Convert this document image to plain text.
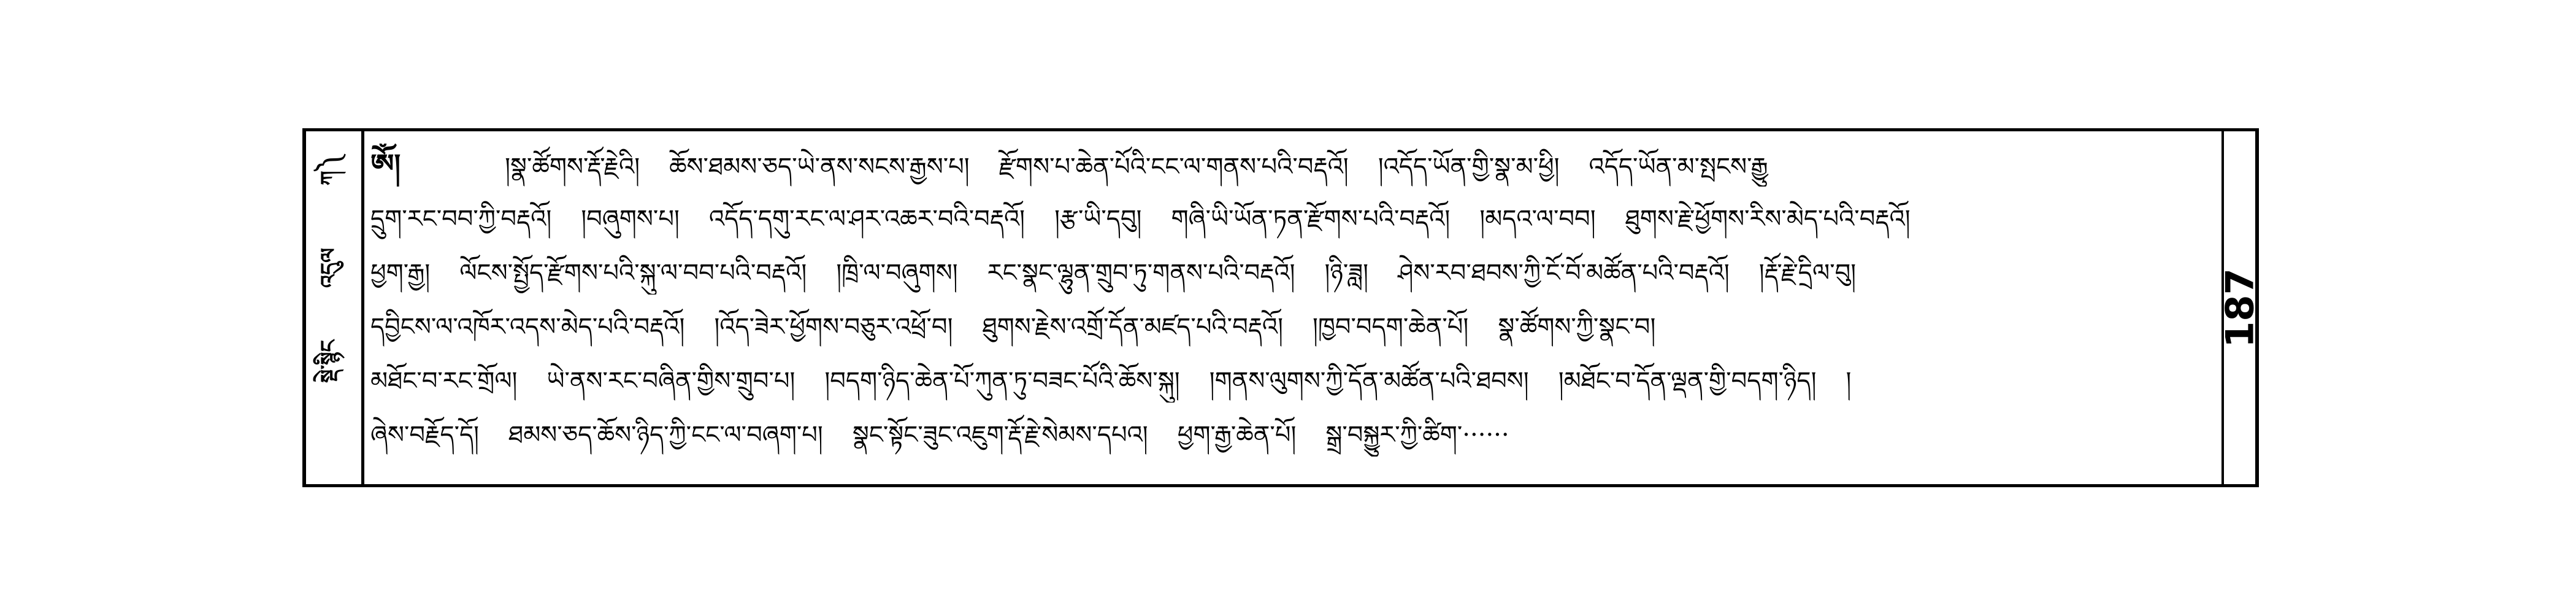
ཀ༽
འདུལ
སྡེ་སྙིང
ༀ།	།སྣ་ཚོགས་རྡོ་རྗེའི། ཆོས་ཐམས་ཅད་ཡེ་ནས་སངས་རྒྱས་པ། རྫོགས་པ་ཆེན་པོའི་ངང་ལ་གནས་པའི་བརྡའོ། །འདོད་ཡོན་གྱི་སྣ་མ་ཕྱི། འདོད་ཡོན་མ་སྤངས་རྒྱུ
དྲུག་རང་བབ་ཀྱི་བརྡའོ། །བཞུགས་པ། འདོད་དགུ་རང་ལ་ཤར་འཆར་བའི་བརྡའོ། །རྩ་ཡི་དབུ། གཞི་ཡི་ཡོན་ཏན་རྫོགས་པའི་བརྡའོ། །མདའ་ལ་བབ། ཐུགས་རྗེ་ཕྱོགས་རིས་མེད་པའི་བརྡའོ།
ཕྱག་རྒྱ། ལོངས་སྤྱོད་རྫོགས་པའི་སྐུ་ལ་བབ་པའི་བརྡའོ། །ཁྲི་ལ་བཞུགས། རང་སྣང་ལྷུན་གྲུབ་ཏུ་གནས་པའི་བརྡའོ། །ཉི་ཟླ། ཤེས་རབ་ཐབས་ཀྱི་ངོ་བོ་མཚོན་པའི་བརྡའོ། །རྡོ་རྗེ་དྲིལ་བུ།
དབྱིངས་ལ་འཁོར་འདས་མེད་པའི་བརྡའོ། །འོད་ཟེར་ཕྱོགས་བཅུར་འཕྲོ་བ། ཐུགས་རྗེས་འགྲོ་དོན་མཛད་པའི་བརྡའོ། །ཁྱབ་བདག་ཆེན་པོ། སྣ་ཚོགས་ཀྱི་སྣང་བ།
མཐོང་བ་རང་གྲོལ། ཡེ་ནས་རང་བཞིན་གྱིས་གྲུབ་པ། །བདག་ཉིད་ཆེན་པོ་ཀུན་ཏུ་བཟང་པོའི་ཆོས་སྐུ། །གནས་ལུགས་ཀྱི་དོན་མཚོན་པའི་ཐབས། །མཐོང་བ་དོན་ལྡན་གྱི་བདག་ཉིད། །
ཞེས་བརྗོད་དོ། ཐམས་ཅད་ཆོས་ཉིད་ཀྱི་ངང་ལ་བཞག་པ། སྣང་སྟོང་ཟུང་འཇུག་རྡོ་རྗེ་སེམས་དཔའ། ཕྱག་རྒྱ་ཆེན་པོ། སྒྲ་བསྐྱུར་ཀྱི་ཚིག་······
187
